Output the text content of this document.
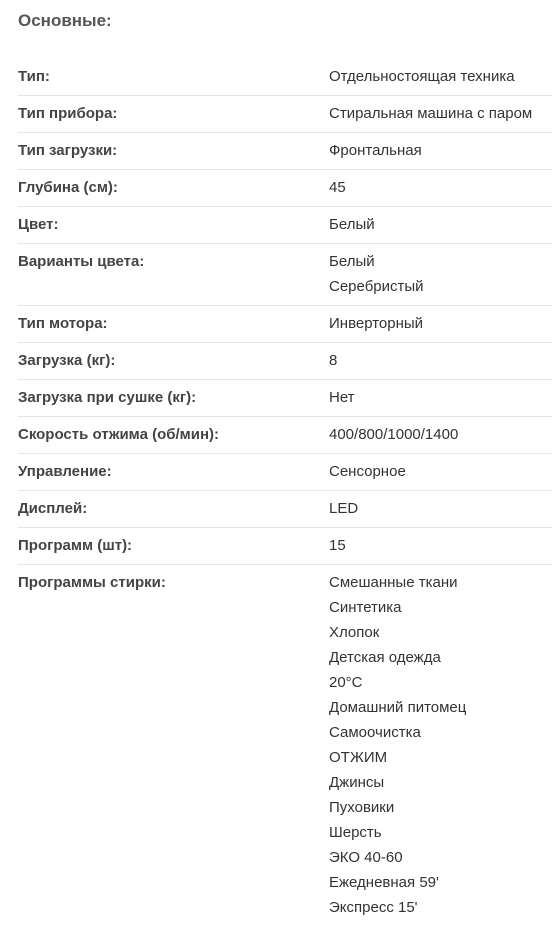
Основные:
Тип:	Отдельностоящая техника
Тип прибора:	Стиральная машина с паром
Тип загрузки:	Фронтальная
Глубина (см):	45
Цвет:	Белый
Варианты цвета:	Белый
Серебристый
Тип мотора:	Инверторный
Загрузка (кг):	8
Загрузка при сушке (кг):	Нет
Скорость отжима (об/мин):	400/800/1000/1400
Управление:	Сенсорное
Дисплей:	LED
Программ (шт):	15
Программы стирки:	Смешанные ткани
Синтетика
Хлопок
Детская одежда
20°C
Домашний питомец
Самоочистка
ОТЖИМ
Джинсы
Пуховики
Шерсть
ЭКО 40-60
Ежедневная 59'
Экспресс 15'
